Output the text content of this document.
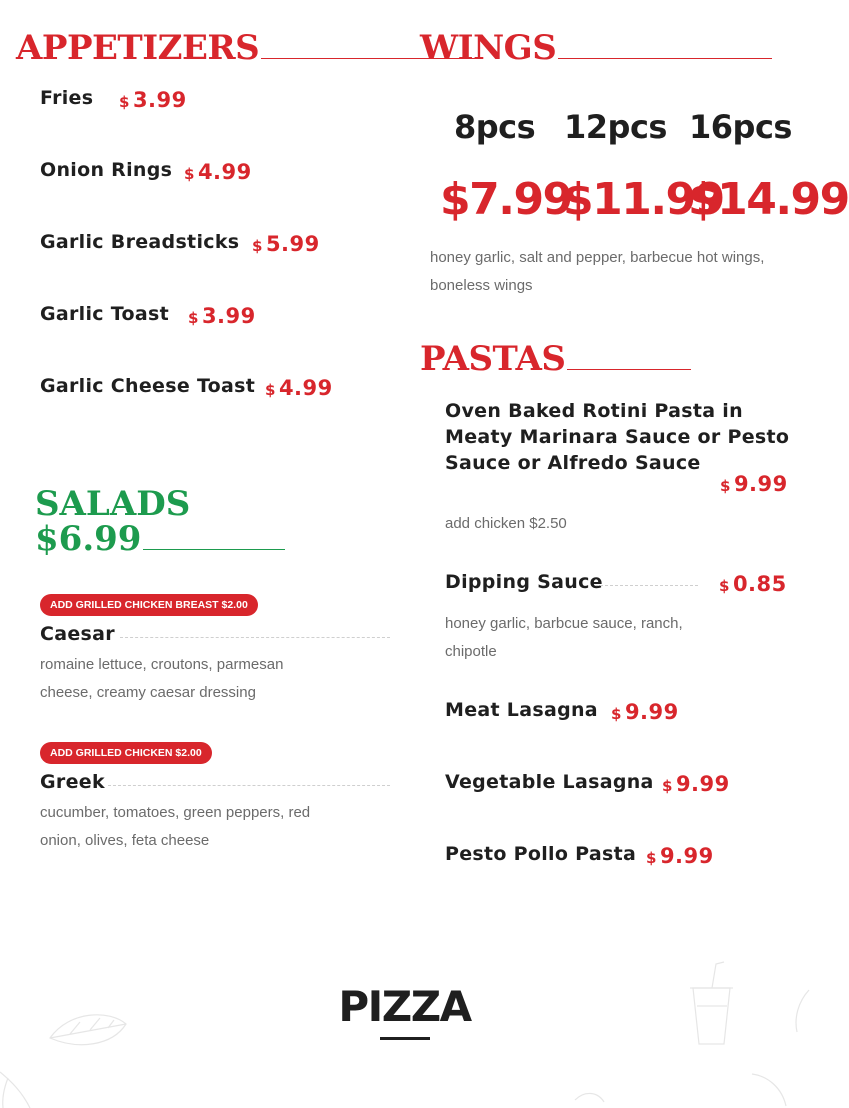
APPETIZERS
Fries $ 3.99
Onion Rings $ 4.99
Garlic Breadsticks $ 5.99
Garlic Toast $ 3.99
Garlic Cheese Toast $ 4.99
WINGS
8pcs 12pcs 16pcs
$7.99
$11.99
$14.99
honey garlic, salt and pepper, barbecue hot wings, boneless wings
SALADS
$6.99
ADD GRILLED CHICKEN BREAST $2.00
Caesar
romaine lettuce, croutons, parmesan cheese, creamy caesar dressing
ADD GRILLED CHICKEN $2.00
Greek
cucumber, tomatoes, green peppers, red onion, olives, feta cheese
PASTAS
Oven Baked Rotini Pasta in Meaty Marinara Sauce or Pesto Sauce or Alfredo Sauce
$ 9.99
add chicken $2.50
Dipping Sauce	$ 0.85
honey garlic, barbcue sauce, ranch, chipotle
Meat Lasagna $ 9.99
Vegetable Lasagna $ 9.99
Pesto Pollo Pasta $ 9.99
PIZZA
